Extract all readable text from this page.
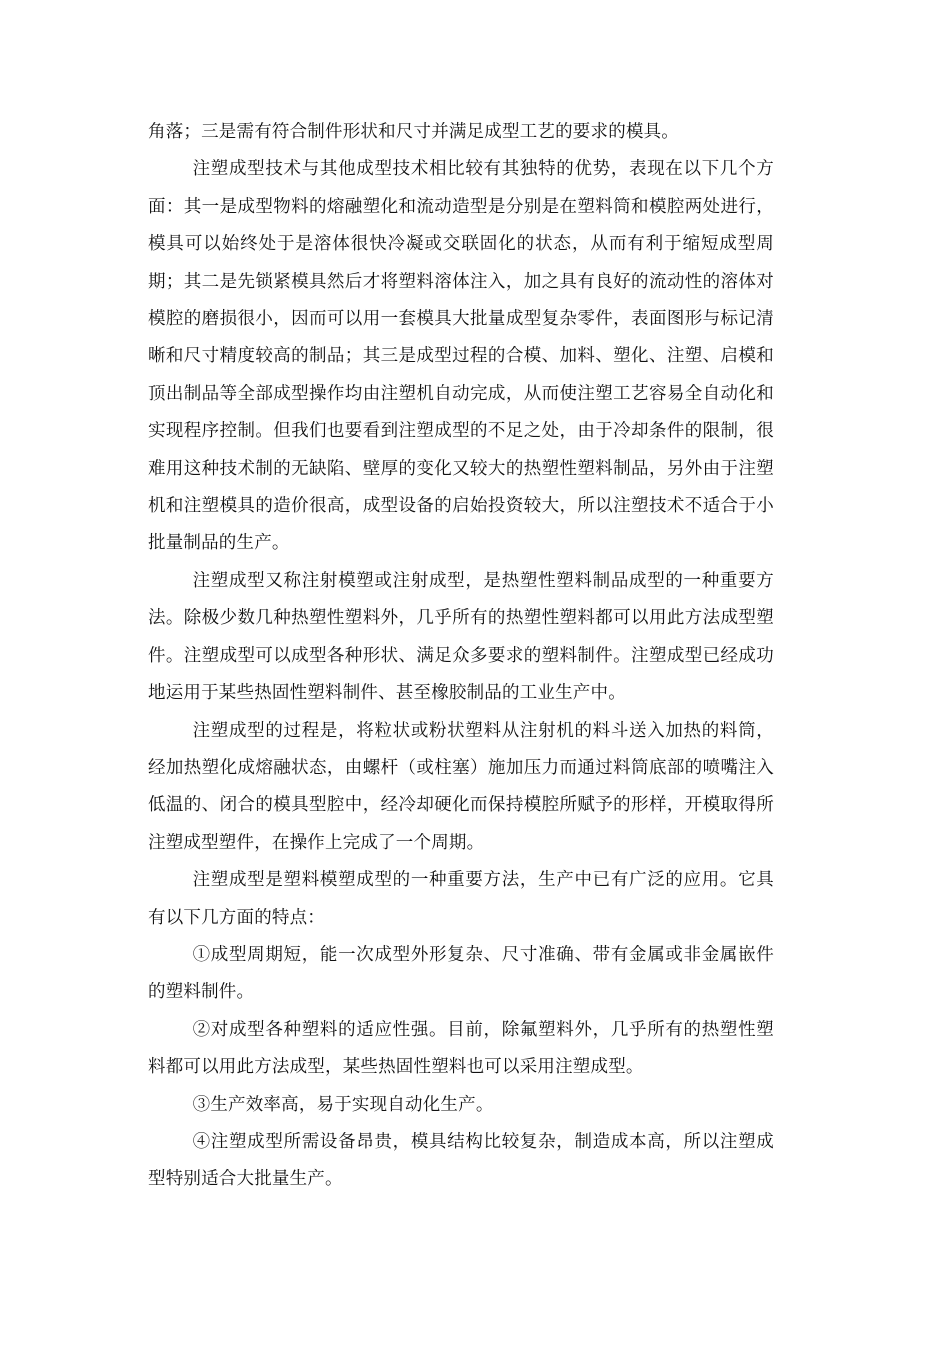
角落；三是需有符合制件形状和尺寸并满足成型工艺的要求的模具。

注塑成型技术与其他成型技术相比较有其独特的优势，表现在以下几个方面：其一是成型物料的熔融塑化和流动造型是分别是在塑料筒和模腔两处进行，模具可以始终处于是溶体很快冷凝或交联固化的状态，从而有利于缩短成型周期；其二是先锁紧模具然后才将塑料溶体注入，加之具有良好的流动性的溶体对模腔的磨损很小，因而可以用一套模具大批量成型复杂零件，表面图形与标记清晰和尺寸精度较高的制品；其三是成型过程的合模、加料、塑化、注塑、启模和顶出制品等全部成型操作均由注塑机自动完成，从而使注塑工艺容易全自动化和实现程序控制。但我们也要看到注塑成型的不足之处，由于冷却条件的限制，很难用这种技术制的无缺陷、壁厚的变化又较大的热塑性塑料制品，另外由于注塑机和注塑模具的造价很高，成型设备的启始投资较大，所以注塑技术不适合于小批量制品的生产。

注塑成型又称注射模塑或注射成型，是热塑性塑料制品成型的一种重要方法。除极少数几种热塑性塑料外，几乎所有的热塑性塑料都可以用此方法成型塑件。注塑成型可以成型各种形状、满足众多要求的塑料制件。注塑成型已经成功地运用于某些热固性塑料制件、甚至橡胶制品的工业生产中。

注塑成型的过程是，将粒状或粉状塑料从注射机的料斗送入加热的料筒，经加热塑化成熔融状态，由螺杆（或柱塞）施加压力而通过料筒底部的喷嘴注入低温的、闭合的模具型腔中，经冷却硬化而保持模腔所赋予的形样，开模取得所注塑成型塑件，在操作上完成了一个周期。

注塑成型是塑料模塑成型的一种重要方法，生产中已有广泛的应用。它具有以下几方面的特点：

①成型周期短，能一次成型外形复杂、尺寸准确、带有金属或非金属嵌件的塑料制件。

②对成型各种塑料的适应性强。目前，除氟塑料外，几乎所有的热塑性塑料都可以用此方法成型，某些热固性塑料也可以采用注塑成型。

③生产效率高，易于实现自动化生产。

④注塑成型所需设备昂贵，模具结构比较复杂，制造成本高，所以注塑成型特别适合大批量生产。
